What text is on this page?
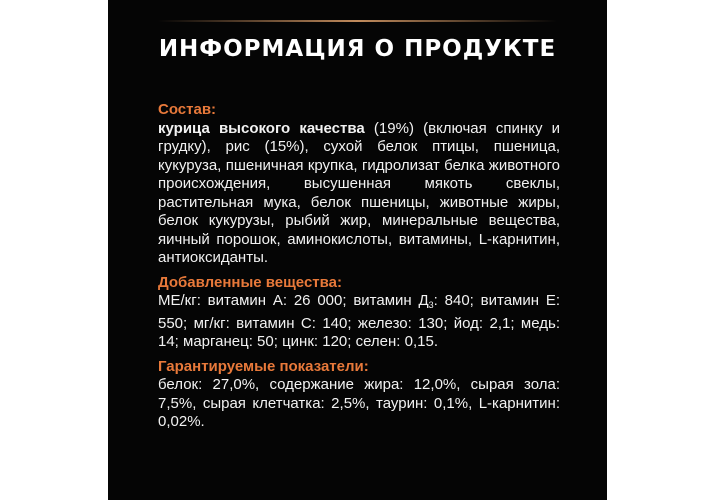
ИНФОРМАЦИЯ О ПРОДУКТЕ
Состав:
курица высокого качества (19%) (включая спинку и грудку), рис (15%), сухой белок птицы, пшеница, кукуруза, пшеничная крупка, гидролизат белка животного происхождения, высушенная мякоть свеклы, растительная мука, белок пшеницы, животные жиры, белок кукурузы, рыбий жир, минеральные вещества, яичный порошок, аминокислоты, витамины, L-карнитин, антиоксиданты.
Добавленные вещества:
МЕ/кг: витамин А: 26 000; витамин $Д_3$: 840; витамин Е: 550; мг/кг: витамин С: 140; железо: 130; йод: 2,1; медь: 14; марганец: 50; цинк: 120; селен: 0,15.
Гарантируемые показатели:
белок: 27,0%, содержание жира: 12,0%, сырая зола: 7,5%, сырая клетчатка: 2,5%, таурин: 0,1%, L-карнитин: 0,02%.
